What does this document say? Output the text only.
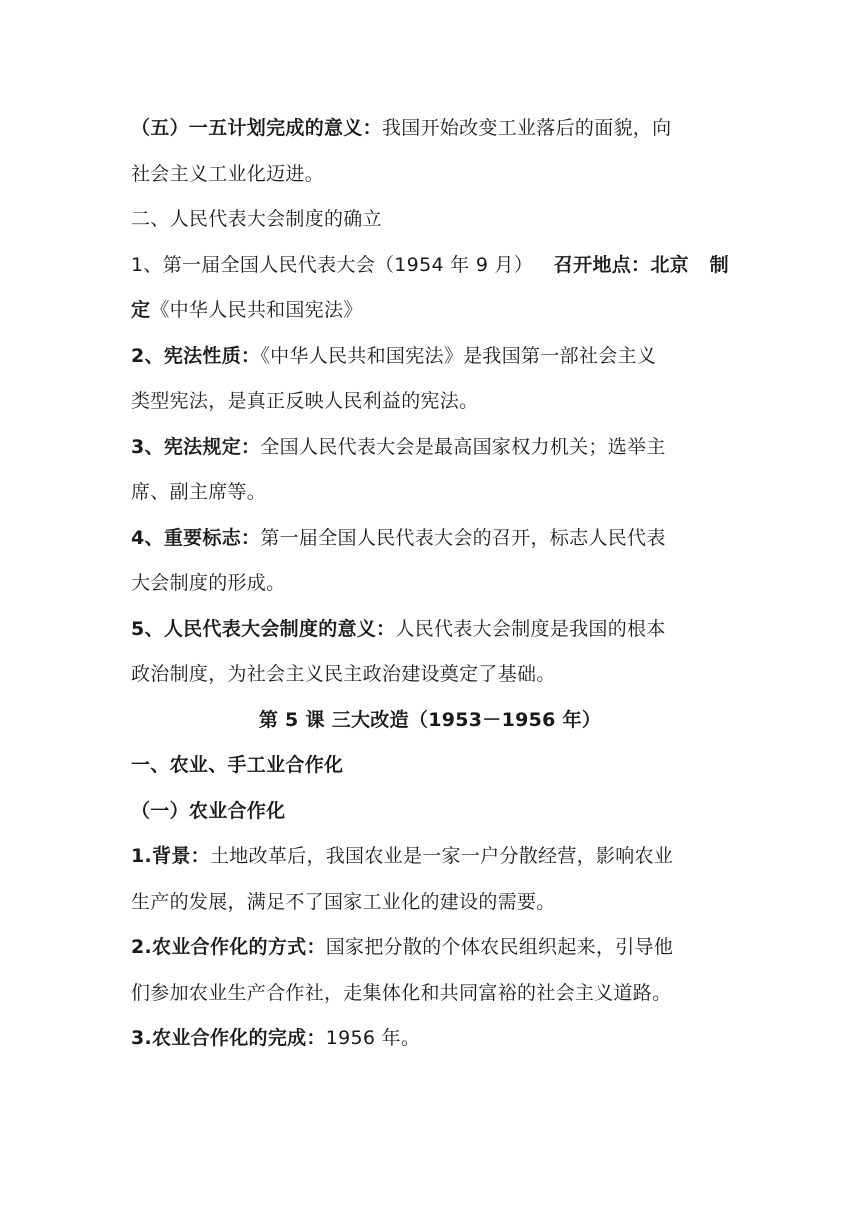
（五）一五计划完成的意义：我国开始改变工业落后的面貌，向
社会主义工业化迈进。
二、人民代表大会制度的确立
1、第一届全国人民代表大会（1954 年 9 月） 召开地点：北京 制
定《中华人民共和国宪法》
2、宪法性质：《中华人民共和国宪法》是我国第一部社会主义
类型宪法，是真正反映人民利益的宪法。
3、宪法规定：全国人民代表大会是最高国家权力机关；选举主
席、副主席等。
4、重要标志：第一届全国人民代表大会的召开，标志人民代表
大会制度的形成。
5、人民代表大会制度的意义：人民代表大会制度是我国的根本
政治制度，为社会主义民主政治建设奠定了基础。
第 5 课 三大改造（1953－1956 年）
一、农业、手工业合作化
（一）农业合作化
1.背景：土地改革后，我国农业是一家一户分散经营，影响农业
生产的发展，满足不了国家工业化的建设的需要。
2.农业合作化的方式：国家把分散的个体农民组织起来，引导他
们参加农业生产合作社，走集体化和共同富裕的社会主义道路。
3.农业合作化的完成：1956 年。
